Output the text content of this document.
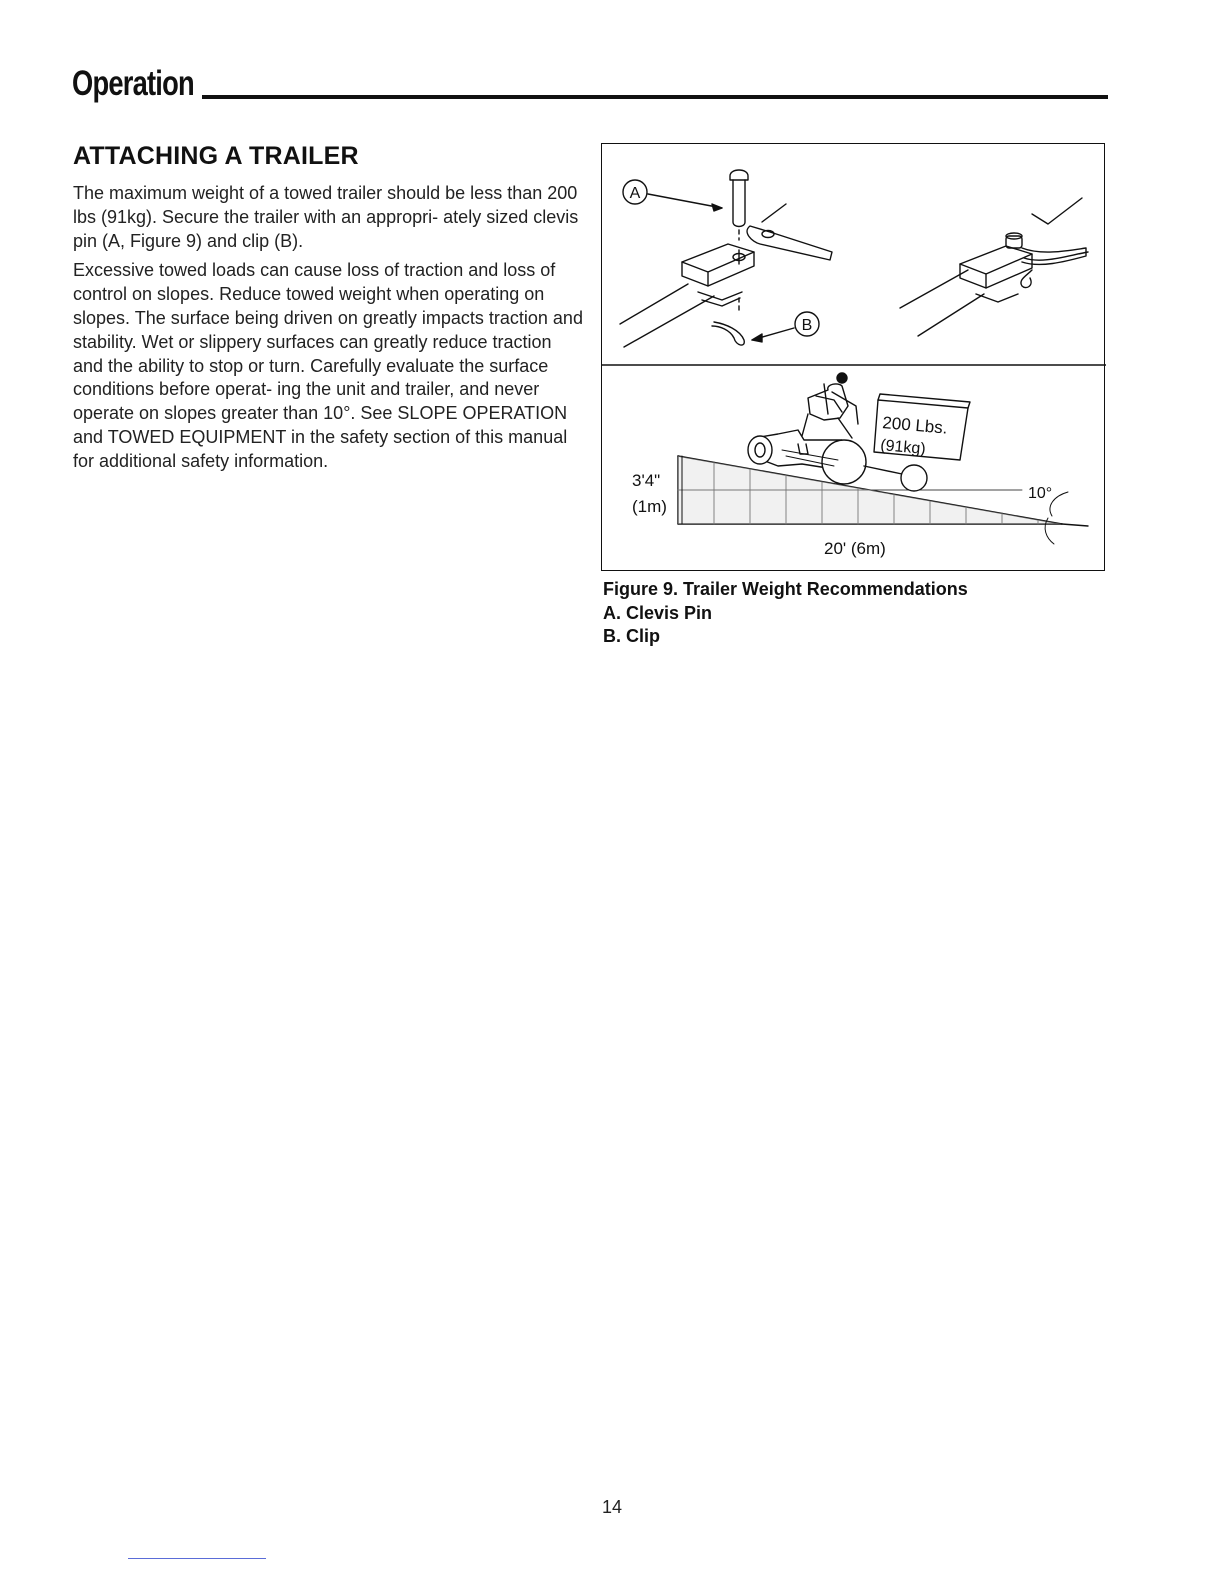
Operation
ATTACHING A TRAILER

The maximum weight of a towed trailer should be less than 200 lbs (91kg). Secure the trailer with an appropri- ately sized clevis pin (A, Figure 9) and clip (B).

Excessive towed loads can cause loss of traction and loss of control on slopes. Reduce towed weight when operating on slopes. The surface being driven on greatly impacts traction and stability. Wet or slippery surfaces can greatly reduce traction and the ability to stop or turn. Carefully evaluate the surface conditions before operat- ing the unit and trailer, and never operate on slopes greater than 10°. See SLOPE OPERATION and TOWED EQUIPMENT in the safety section of this manual for additional safety information.

A
B
200 Lbs.
(91kg)
3'4"
(1m)
20' (6m)
10°
Figure 9. Trailer Weight Recommendations
A. Clevis Pin
B. Clip
14
